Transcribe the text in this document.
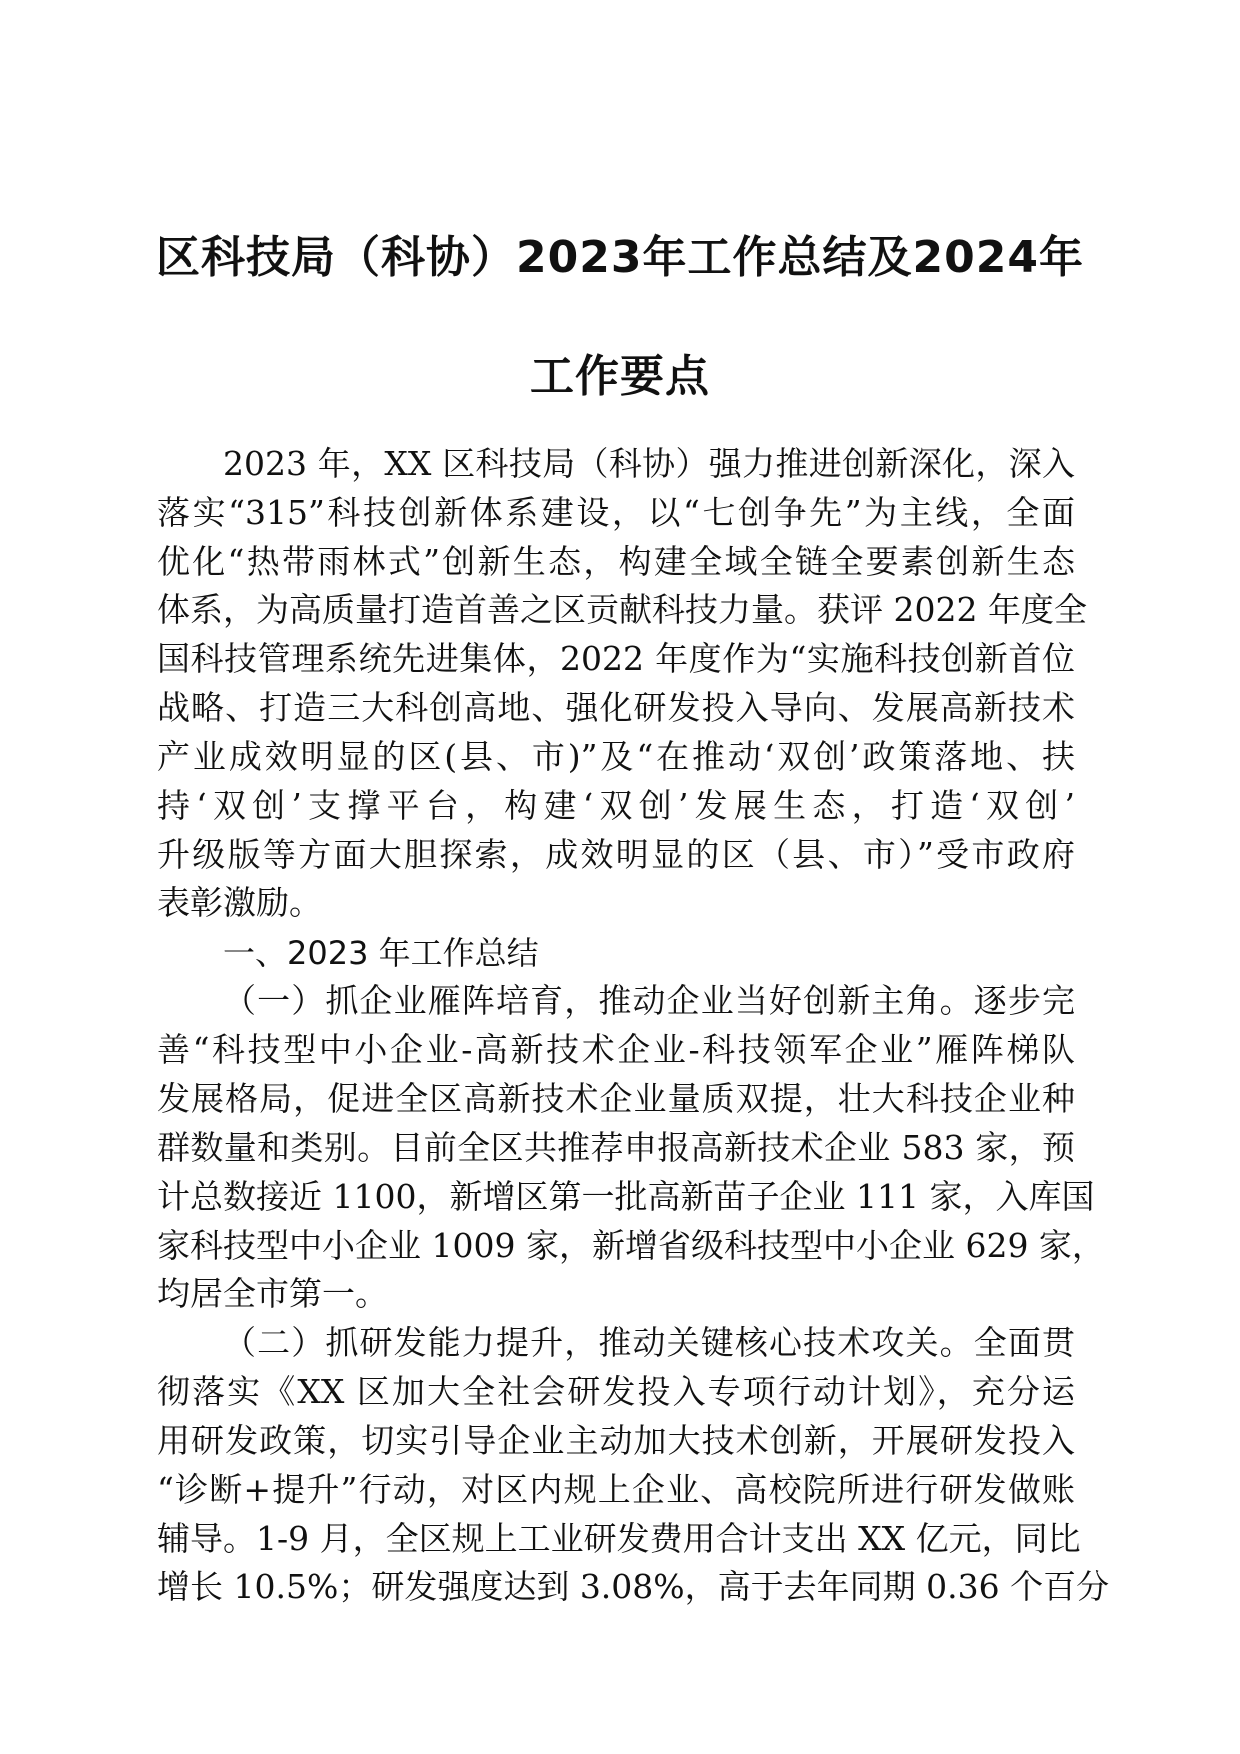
区科技局（科协）2023年工作总结及2024年
工作要点
2023 年，XX 区科技局（科协）强力推进创新深化，深入
落实“315”科技创新体系建设，以“七创争先”为主线，全面
优化“热带雨林式”创新生态，构建全域全链全要素创新生态
体系，为高质量打造首善之区贡献科技力量。获评 2022 年度全
国科技管理系统先进集体，2022 年度作为“实施科技创新首位
战略、打造三大科创高地、强化研发投入导向、发展高新技术
产业成效明显的区(县、市)”及“在推动‘双创’政策落地、扶
持‘双创’支撑平台，构建‘双创’发展生态，打造‘双创’
升级版等方面大胆探索，成效明显的区（县、市）”受市政府
表彰激励。
一、2023 年工作总结
（一）抓企业雁阵培育，推动企业当好创新主角。逐步完
善“科技型中小企业-高新技术企业-科技领军企业”雁阵梯队
发展格局，促进全区高新技术企业量质双提，壮大科技企业种
群数量和类别。目前全区共推荐申报高新技术企业 583 家，预
计总数接近 1100，新增区第一批高新苗子企业 111 家，入库国
家科技型中小企业 1009 家，新增省级科技型中小企业 629 家，
均居全市第一。
（二）抓研发能力提升，推动关键核心技术攻关。全面贯
彻落实《XX 区加大全社会研发投入专项行动计划》，充分运
用研发政策，切实引导企业主动加大技术创新，开展研发投入
“诊断+提升”行动，对区内规上企业、高校院所进行研发做账
辅导。1-9 月，全区规上工业研发费用合计支出 XX 亿元，同比
增长 10.5%；研发强度达到 3.08%，高于去年同期 0.36 个百分
